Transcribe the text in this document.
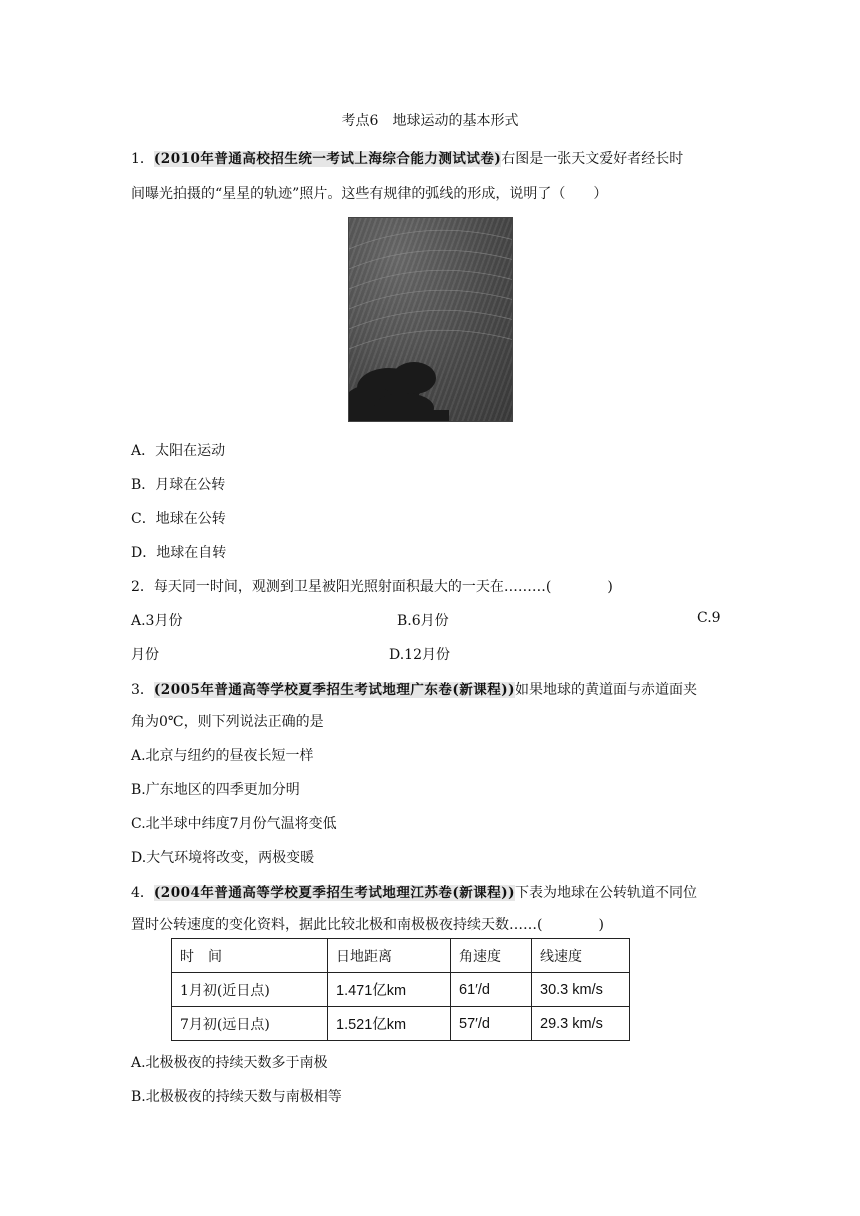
考点6　地球运动的基本形式
1．(2010年普通高校招生统一考试上海综合能力测试试卷)右图是一张天文爱好者经长时
间曝光拍摄的“星星的轨迹”照片。这些有规律的弧线的形成，说明了（　　）
A．太阳在运动
B．月球在公转
C．地球在公转
D．地球在自转
2．每天同一时间，观测到卫星被阳光照射面积最大的一天在………(　　　　)
A.3月份	B.6月份	C.9
月份	D.12月份
3．(2005年普通高等学校夏季招生考试地理广东卷(新课程))如果地球的黄道面与赤道面夹
角为0℃，则下列说法正确的是
A.北京与纽约的昼夜长短一样
B.广东地区的四季更加分明
C.北半球中纬度7月份气温将变低
D.大气环境将改变，两极变暖
4．(2004年普通高等学校夏季招生考试地理江苏卷(新课程))下表为地球在公转轨道不同位
置时公转速度的变化资料，据此比较北极和南极极夜持续天数……(　　　　)
时　间	日地距离	角速度	线速度
1月初(近日点)	1.471亿km	61′/d	30.3 km/s
7月初(远日点)	1.521亿km	57′/d	29.3 km/s
A.北极极夜的持续天数多于南极
B.北极极夜的持续天数与南极相等
